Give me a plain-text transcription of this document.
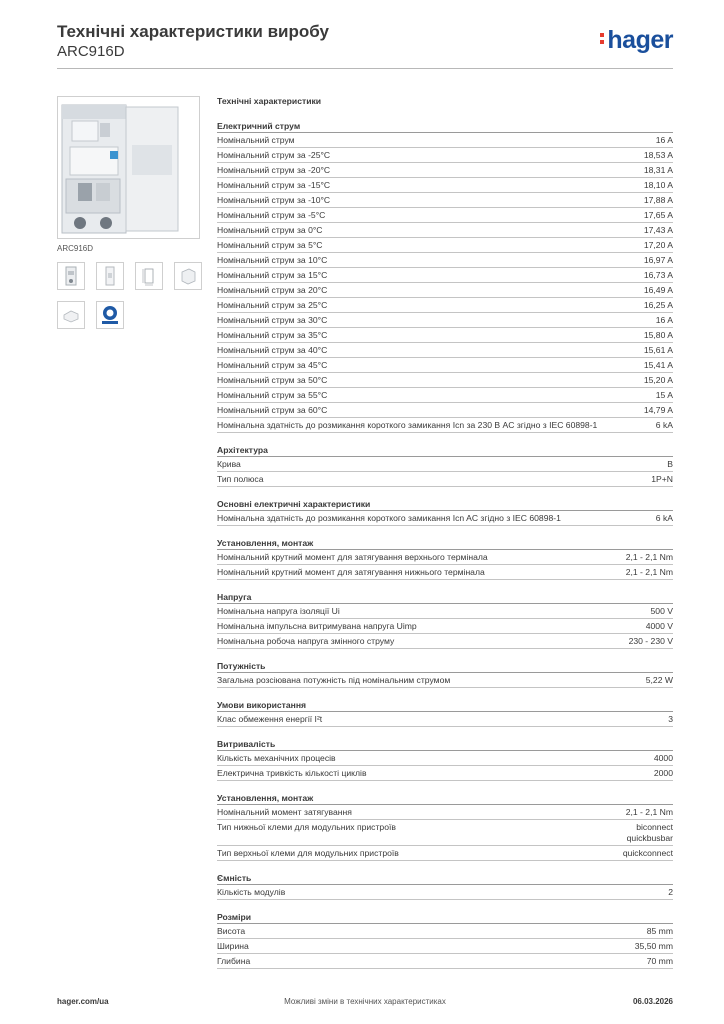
Технічні характеристики виробу
ARC916D	hager
ARC916D
Технічні характеристики
Електричний струм
Номінальний струм	16 A
Номінальний струм за -25°C	18,53 A
Номінальний струм за -20°C	18,31 A
Номінальний струм за -15°C	18,10 A
Номінальний струм за -10°C	17,88 A
Номінальний струм за -5°C	17,65 A
Номінальний струм за 0°C	17,43 A
Номінальний струм за 5°C	17,20 A
Номінальний струм за 10°C	16,97 A
Номінальний струм за 15°C	16,73 A
Номінальний струм за 20°C	16,49 A
Номінальний струм за 25°C	16,25 A
Номінальний струм за 30°C	16 A
Номінальний струм за 35°C	15,80 A
Номінальний струм за 40°C	15,61 A
Номінальний струм за 45°C	15,41 A
Номінальний струм за 50°C	15,20 A
Номінальний струм за 55°C	15 A
Номінальний струм за 60°C	14,79 A
Номінальна здатність до розмикання короткого замикання Icn за 230 В AC згідно з IEC 60898-1	6 kA
Архітектура
Крива	B
Тип полюса	1P+N
Основні електричні характеристики
Номінальна здатність до розмикання короткого замикання Icn AC згідно з IEC 60898-1	6 kA
Установлення, монтаж
Номінальний крутний момент для затягування верхнього термінала	2,1 - 2,1 Nm
Номінальний крутний момент для затягування нижнього термінала	2,1 - 2,1 Nm
Напруга
Номінальна напруга ізоляції Ui	500 V
Номінальна імпульсна витримувана напруга Uimp	4000 V
Номінальна робоча напруга змінного струму	230 - 230 V
Потужність
Загальна розсіювана потужність під номінальним струмом	5,22 W
Умови використання
Клас обмеження енергії I²t	3
Витривалість
Кількість механічних процесів	4000
Електрична тривкість кількості циклів	2000
Установлення, монтаж
Номінальний момент затягування	2,1 - 2,1 Nm
Тип нижньої клеми для модульних пристроїв	biconnect
quickbusbar
Тип верхньої клеми для модульних пристроїв	quickconnect
Ємність
Кількість модулів	2
Розміри
Висота	85 mm
Ширина	35,50 mm
Глибина	70 mm
Можливі зміни в технічних характеристиках
hager.com/ua	06.03.2026
